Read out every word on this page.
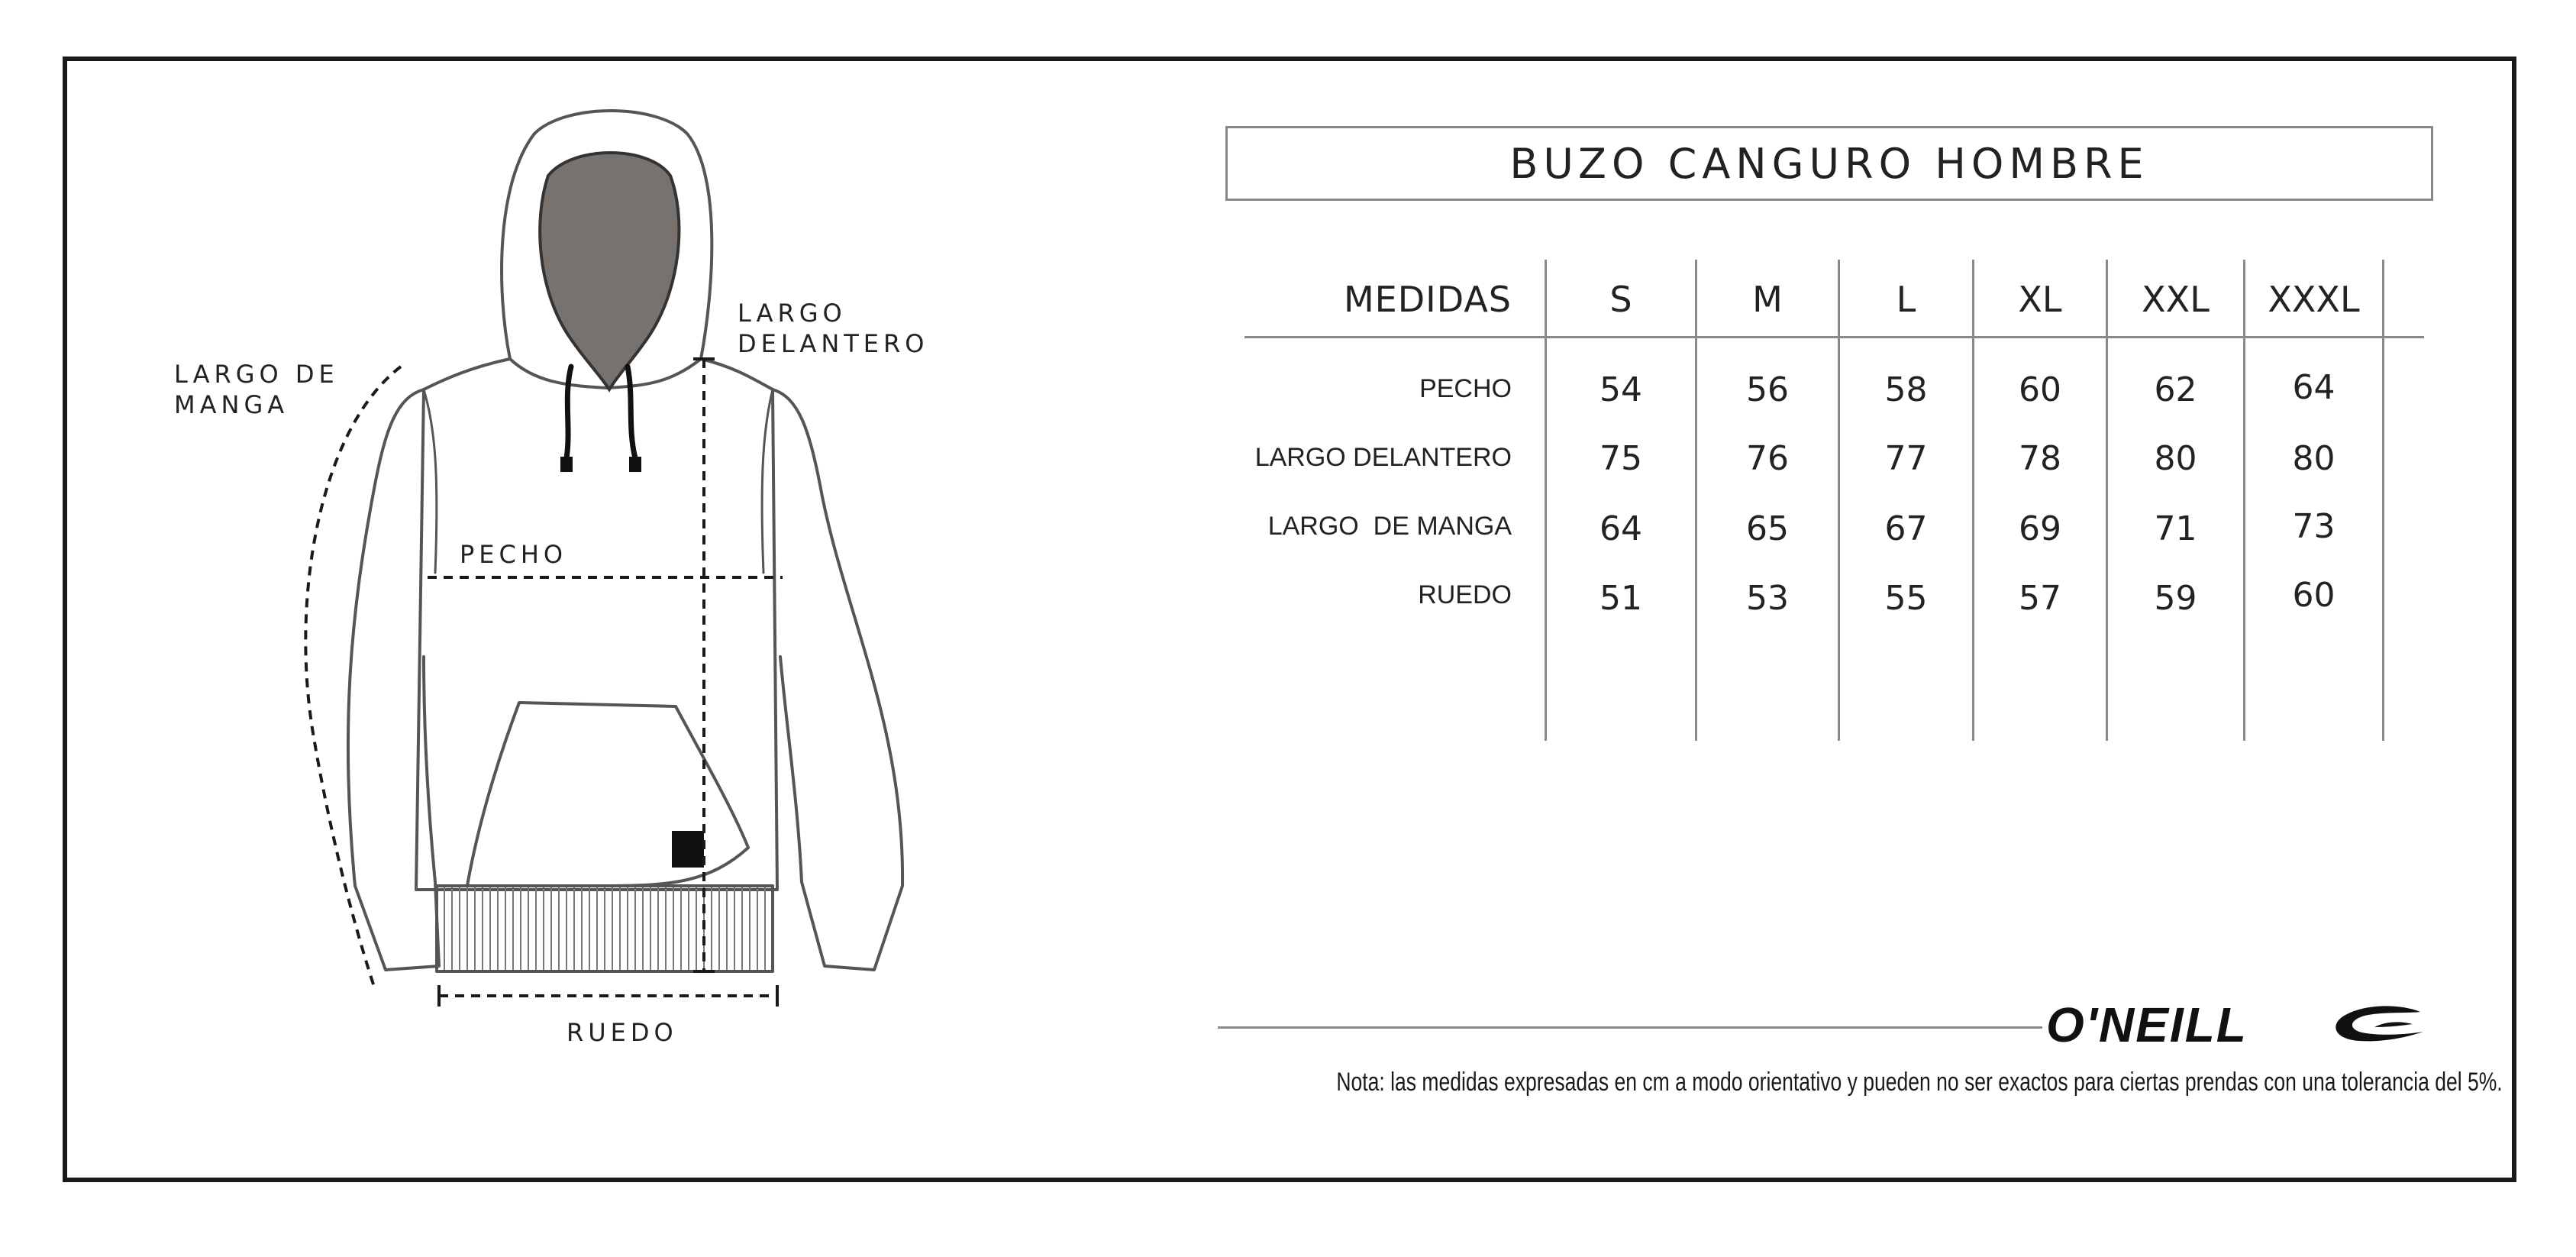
LARGO DE
MANGA
LARGO
DELANTERO
PECHO
RUEDO
BUZO CANGURO HOMBRE
MEDIDAS	S	M	L	XL	XXL	XXXL
PECHO	54	56	58	60	62	64
LARGO DELANTERO	75	76	77	78	80	80
LARGO  DE MANGA	64	65	67	69	71	73
RUEDO	51	53	55	57	59	60
O'NEILL
Nota: las medidas expresadas en cm a modo orientativo y pueden no ser exactos para ciertas prendas con una tolerancia del 5%.
